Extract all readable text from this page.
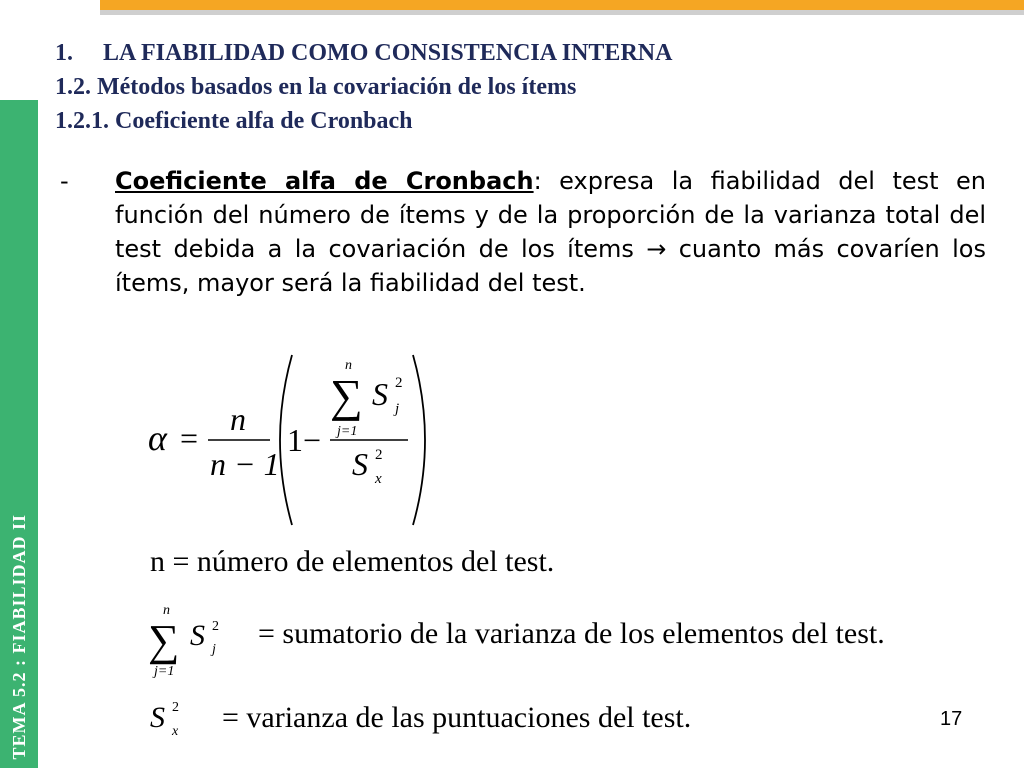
TEMA 5.2 : FIABILIDAD II
1. LA FIABILIDAD COMO CONSISTENCIA INTERNA
1.2. Métodos basados en la covariación de los ítems
1.2.1. Coeficiente alfa de Cronbach
- Coeficiente alfa de Cronbach: expresa la fiabilidad del test en función del número de ítems y de la proporción de la varianza total del test debida a la covariación de los ítems → cuanto más covaríen los ítems, mayor será la fiabilidad del test.
α =
n
n − 1
1−
n
∑
j=1
S 2
j
S 2
x
n = número de elementos del test.
n
∑
j=1
S 2
j = sumatorio de la varianza de los elementos del test.
S 2
x = varianza de las puntuaciones del test.	17
